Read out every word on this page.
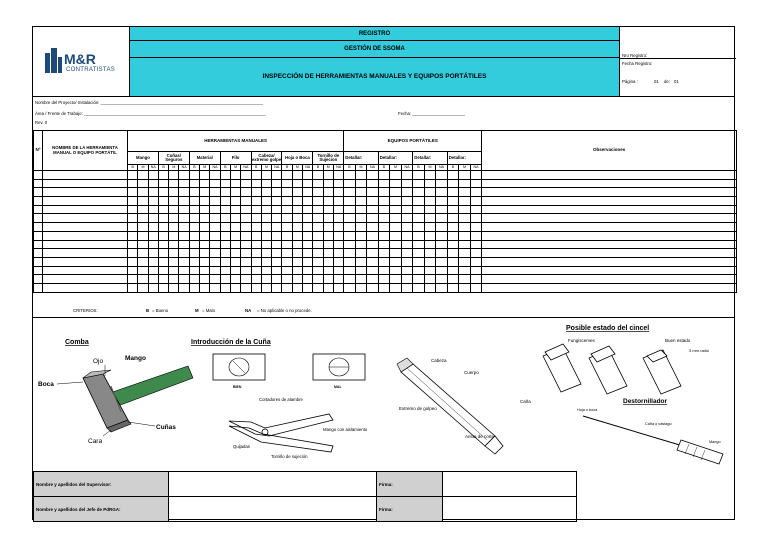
M&R
CONTRATISTAS
REGISTRO
GESTIÓN DE SSOMA
INSPECCIÓN DE HERRAMIENTAS MANUALES Y EQUIPOS PORTÁTILES
Nro Registro:
Fecha Registro:
Página :	01 de: 01
Nombre del Proyecto/ Instalación: ____________________________________________________________________
Área / Frente de Trabajo: ____________________________________________________________________________	Fecha: ______________________
Rev. 0
Nº	NOMBRE DE LA HERRAMIENTA MANUAL O EQUIPO PORTÁTIL	HERRAMIENTAS MANUALES																					EQUIPOS PORTÁTILES												Observaciones
		Mango			Cuñas/ Seguros			Material			Filo			Cabeza/ extremo golpe			Hoja o Boca			Tornillo de Sujecion			Detallar:			Detallar:			Detallar:			Detallar:			
		B	M	NA	B	M	NA	B	M	NA	B	M	NA	B	M	NA	B	M	NA	B	M	NA	B	M	NA	B	M	NA	B	M	NA	B	M	NA	

CRITERIOS:	B = Bueno	M = Malo	NA = No aplicable o no procede.
Comba
Ojo	Mango
Boca
Cuñas
Cara
Introducción de la Cuña
BIEN	MAL
Cortadores de alambre
Mango con aislamiento
Quijadas
Tornillo de sujeción
Cabeza
Cuerpo
Extremo de golpeo
Caña
Arista de corte
Posible estado del cincel
Fungiscemes	Buen estado
3 mm radio
Destornillador
Hoja o boca
Caña o vástago
Mango
Nombre y apellidos del Supervisor:		Firma:		
Nombre y apellidos del Jefe de PdRGA:		Firma:		
